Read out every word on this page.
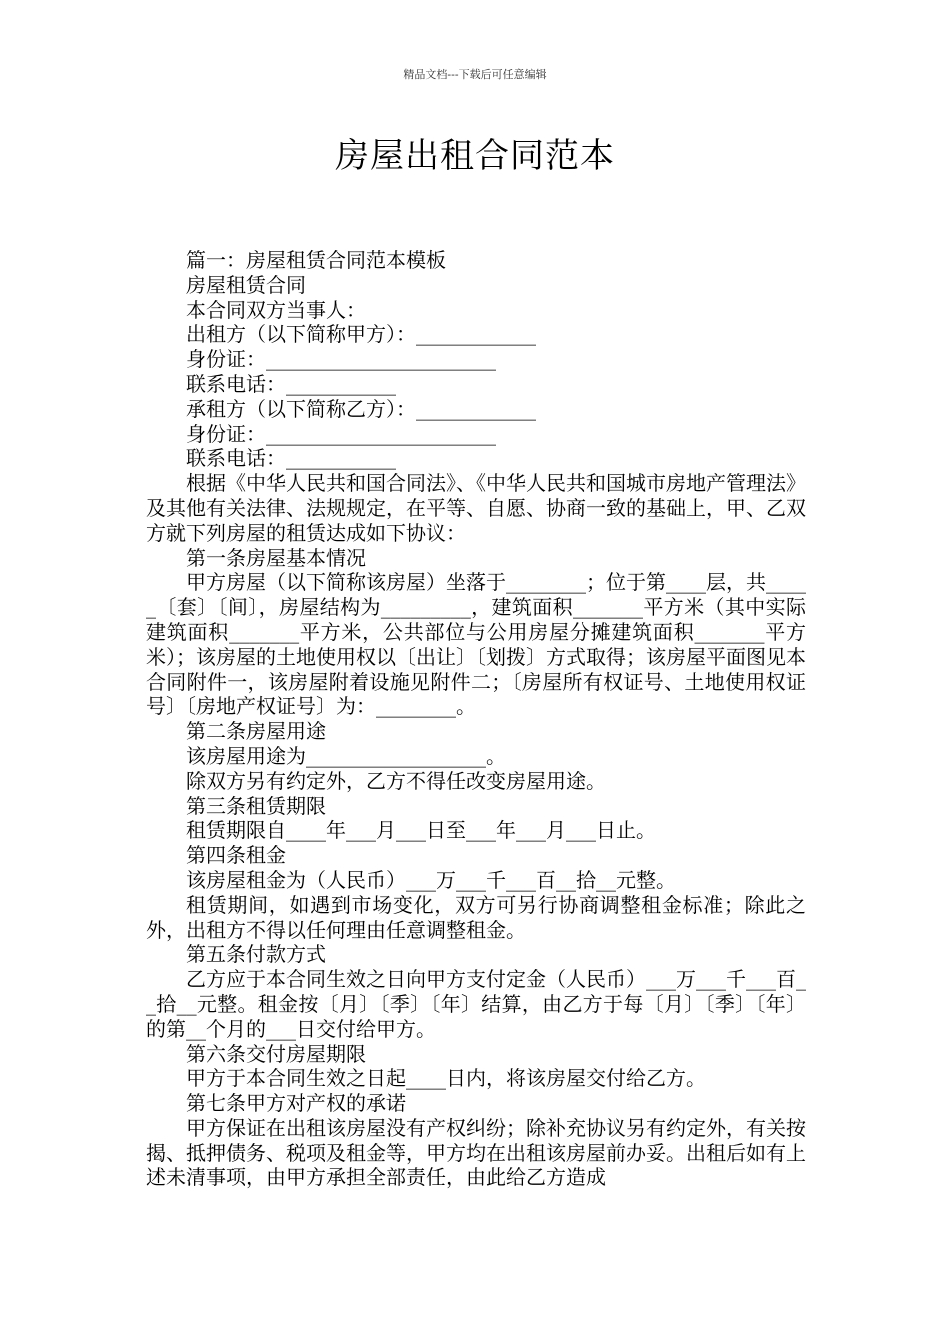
精品文档---下载后可任意编辑
房屋出租合同范本

篇一：房屋租赁合同范本模板

房屋租赁合同

本合同双方当事人：

出租方（以下简称甲方）：____________

身份证：_______________________

联系电话：___________

承租方（以下简称乙方）：____________

身份证：_______________________

联系电话：___________

根据《中华人民共和国合同法》、《中华人民共和国城市房地产管理法》及其他有关法律、法规规定，在平等、自愿、协商一致的基础上，甲、乙双方就下列房屋的租赁达成如下协议：

第一条房屋基本情况

甲方房屋（以下简称该房屋）坐落于________；位于第____层，共_____〔套〕〔间〕，房屋结构为_________，建筑面积_______平方米（其中实际建筑面积_______平方米，公共部位与公用房屋分摊建筑面积_______平方米）；该房屋的土地使用权以〔出让〕〔划拨〕方式取得；该房屋平面图见本合同附件一，该房屋附着设施见附件二；〔房屋所有权证号、土地使用权证号〕〔房地产权证号〕为：________。

第二条房屋用途

该房屋用途为__________________。

除双方另有约定外，乙方不得任改变房屋用途。

第三条租赁期限

租赁期限自____年___月___日至___年___月___日止。

第四条租金

该房屋租金为（人民币）___万___千___百__拾__元整。

租赁期间，如遇到市场变化，双方可另行协商调整租金标准；除此之外，出租方不得以任何理由任意调整租金。

第五条付款方式

乙方应于本合同生效之日向甲方支付定金（人民币）___万___千___百__拾__元整。租金按〔月〕〔季〕〔年〕结算，由乙方于每〔月〕〔季〕〔年〕的第__个月的___日交付给甲方。

第六条交付房屋期限

甲方于本合同生效之日起____日内，将该房屋交付给乙方。

第七条甲方对产权的承诺

甲方保证在出租该房屋没有产权纠纷；除补充协议另有约定外，有关按揭、抵押债务、税项及租金等，甲方均在出租该房屋前办妥。出租后如有上述未清事项，由甲方承担全部责任，由此给乙方造成
